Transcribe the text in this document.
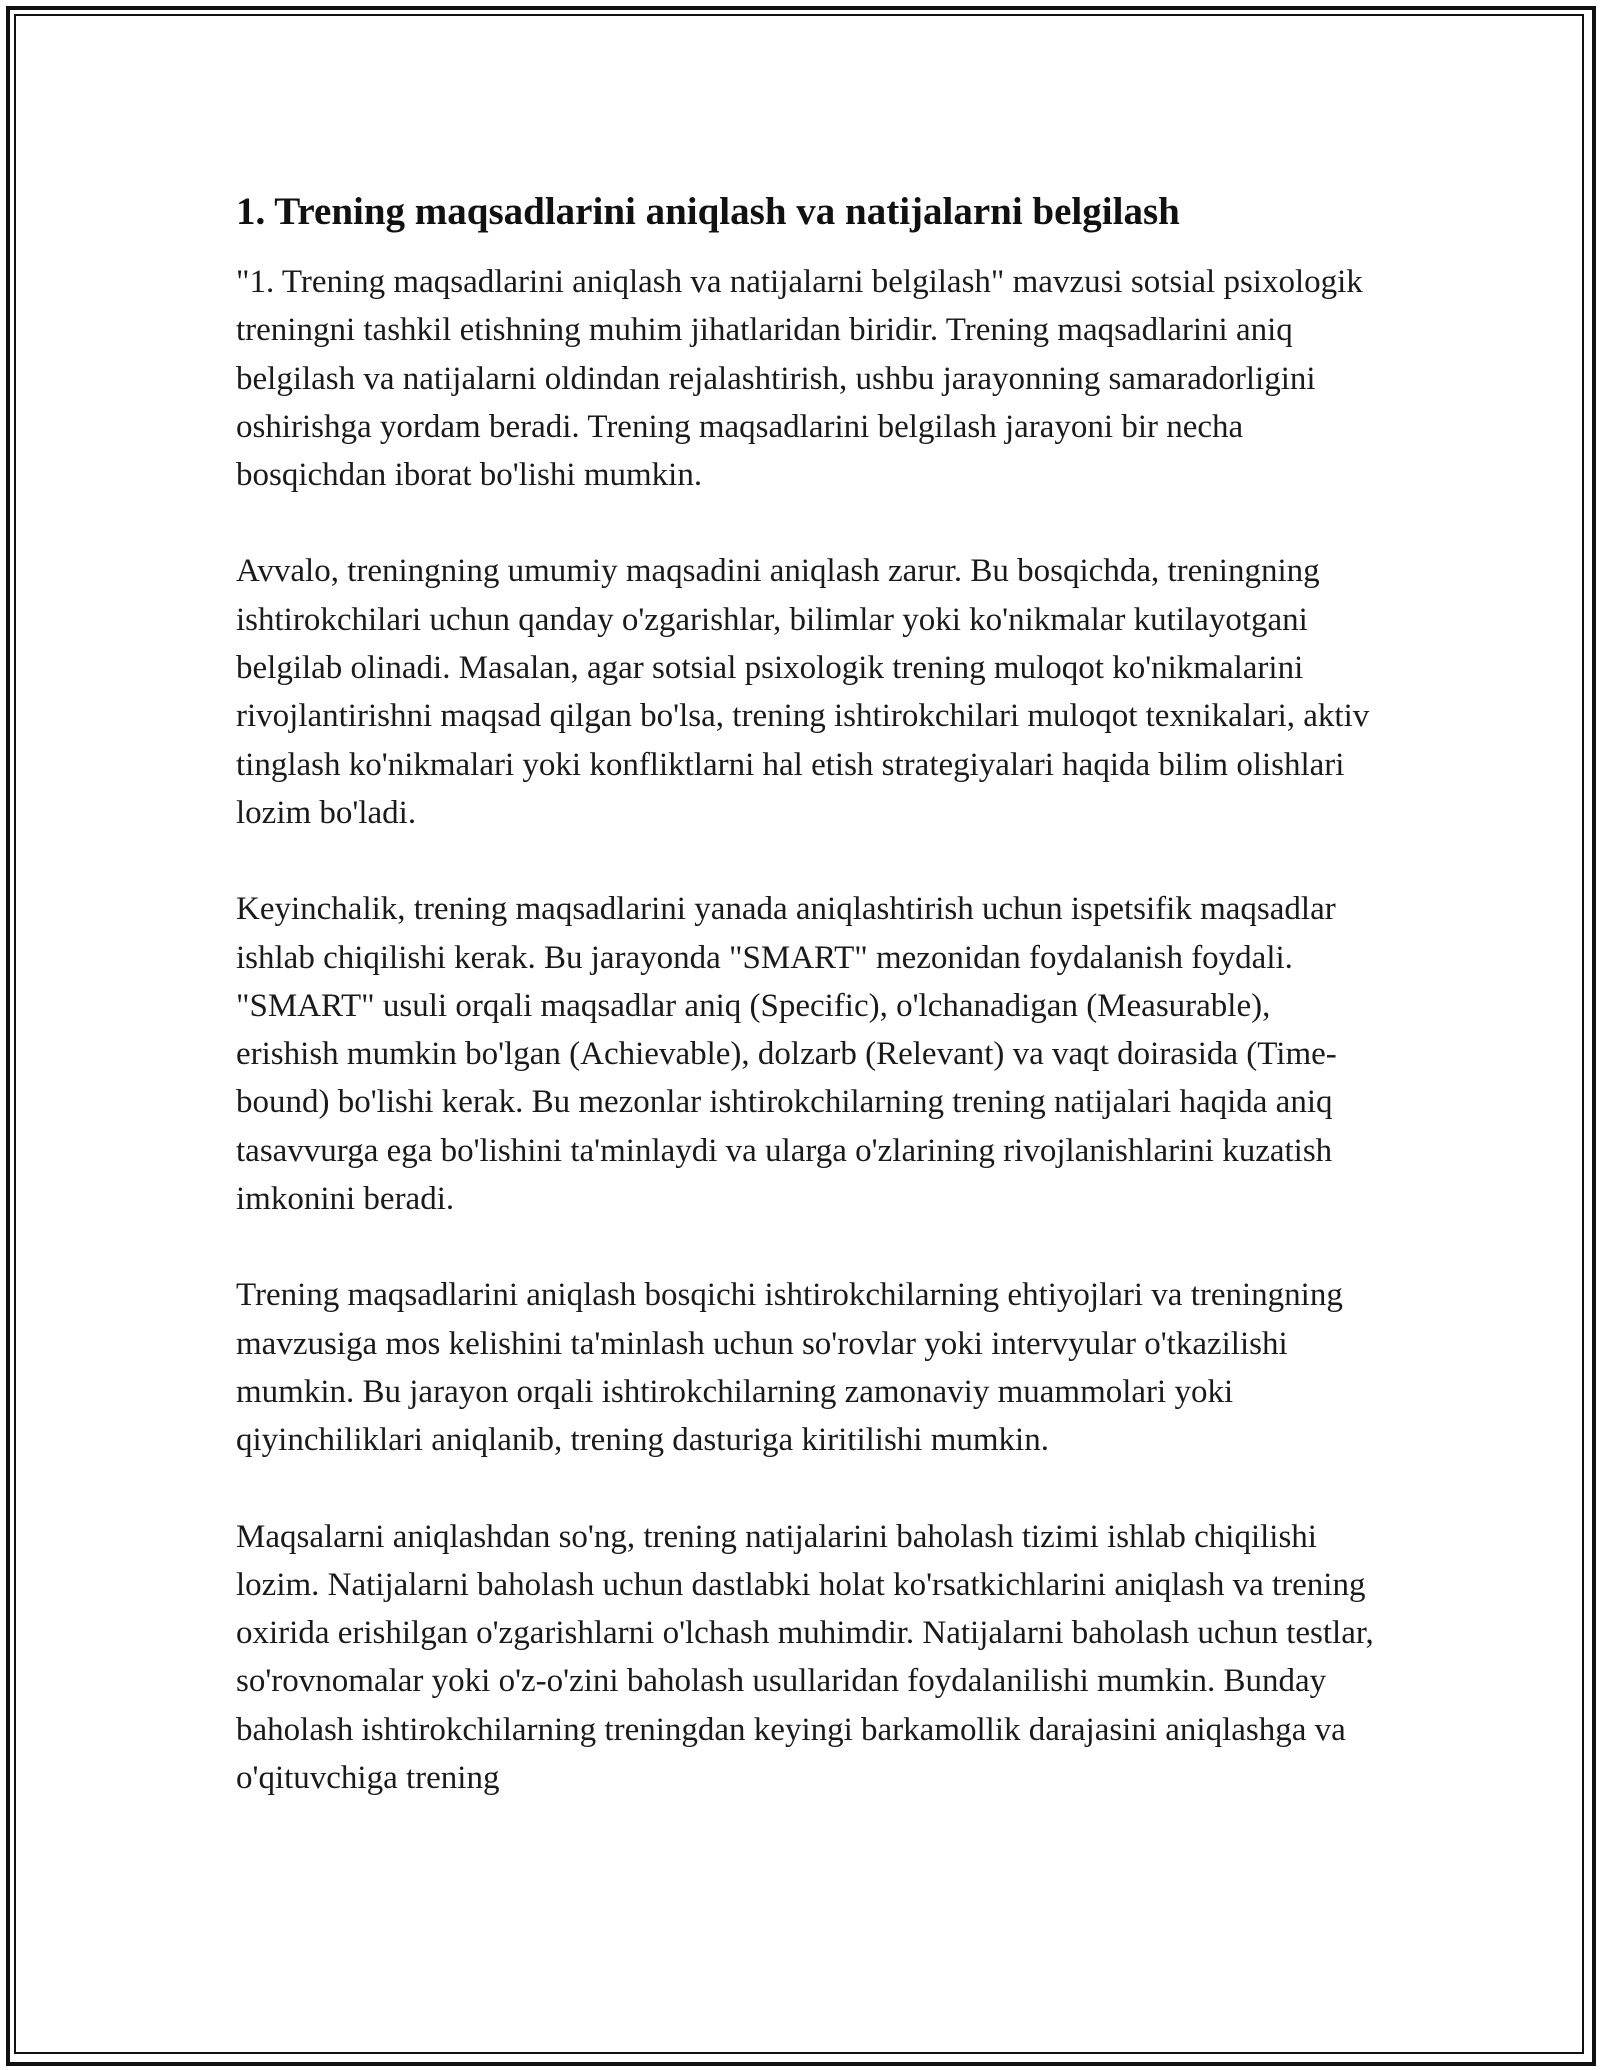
1. Trening maqsadlarini aniqlash va natijalarni belgilash

"1. Trening maqsadlarini aniqlash va natijalarni belgilash" mavzusi sotsial psixologik treningni tashkil etishning muhim jihatlaridan biridir. Trening maqsadlarini aniq belgilash va natijalarni oldindan rejalashtirish, ushbu jarayonning samaradorligini oshirishga yordam beradi. Trening maqsadlarini belgilash jarayoni bir necha bosqichdan iborat bo'lishi mumkin.

Avvalo, treningning umumiy maqsadini aniqlash zarur. Bu bosqichda, treningning ishtirokchilari uchun qanday o'zgarishlar, bilimlar yoki ko'nikmalar kutilayotgani belgilab olinadi. Masalan, agar sotsial psixologik trening muloqot ko'nikmalarini rivojlantirishni maqsad qilgan bo'lsa, trening ishtirokchilari muloqot texnikalari, aktiv tinglash ko'nikmalari yoki konfliktlarni hal etish strategiyalari haqida bilim olishlari lozim bo'ladi.

Keyinchalik, trening maqsadlarini yanada aniqlashtirish uchun ispetsifik maqsadlar ishlab chiqilishi kerak. Bu jarayonda "SMART" mezonidan foydalanish foydali. "SMART" usuli orqali maqsadlar aniq (Specific), o'lchanadigan (Measurable), erishish mumkin bo'lgan (Achievable), dolzarb (Relevant) va vaqt doirasida (Time-bound) bo'lishi kerak. Bu mezonlar ishtirokchilarning trening natijalari haqida aniq tasavvurga ega bo'lishini ta'minlaydi va ularga o'zlarining rivojlanishlarini kuzatish imkonini beradi.

Trening maqsadlarini aniqlash bosqichi ishtirokchilarning ehtiyojlari va treningning mavzusiga mos kelishini ta'minlash uchun so'rovlar yoki intervyular o'tkazilishi mumkin. Bu jarayon orqali ishtirokchilarning zamonaviy muammolari yoki qiyinchiliklari aniqlanib, trening dasturiga kiritilishi mumkin.

Maqsalarni aniqlashdan so'ng, trening natijalarini baholash tizimi ishlab chiqilishi lozim. Natijalarni baholash uchun dastlabki holat ko'rsatkichlarini aniqlash va trening oxirida erishilgan o'zgarishlarni o'lchash muhimdir. Natijalarni baholash uchun testlar, so'rovnomalar yoki o'z-o'zini baholash usullaridan foydalanilishi mumkin. Bunday baholash ishtirokchilarning treningdan keyingi barkamollik darajasini aniqlashga va o'qituvchiga trening
